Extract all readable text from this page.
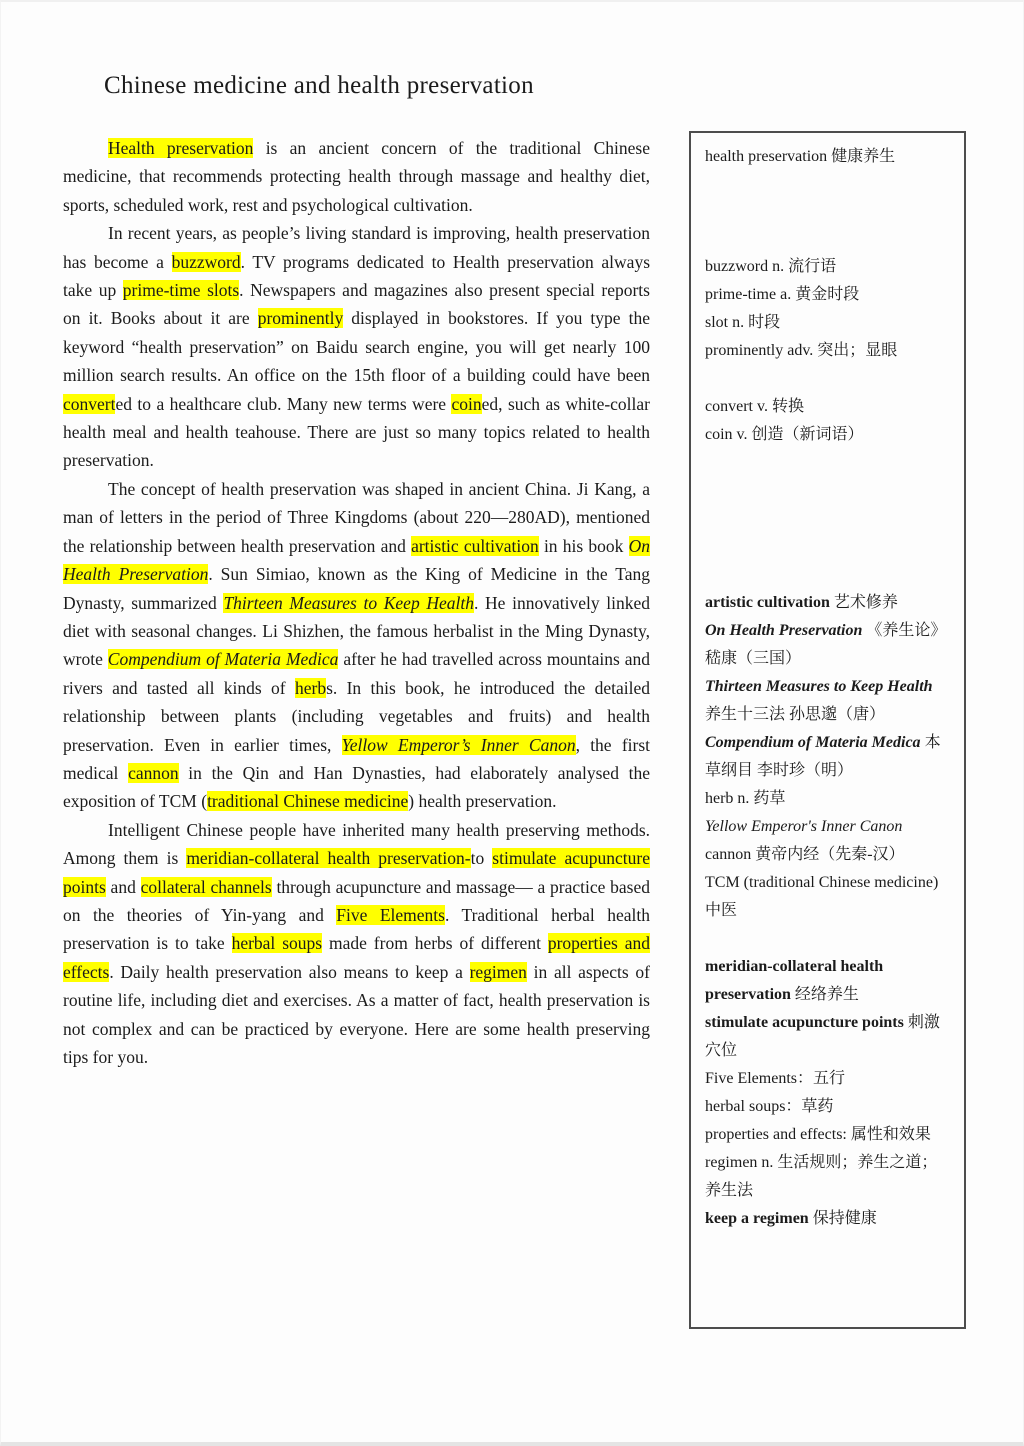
Chinese medicine and health preservation

Health preservation is an ancient concern of the traditional Chinese medicine, that recommends protecting health through massage and healthy diet, sports, scheduled work, rest and psychological cultivation.

In recent years, as people’s living standard is improving, health preservation has become a buzzword. TV programs dedicated to Health preservation always take up prime-time slots. Newspapers and magazines also present special reports on it. Books about it are prominently displayed in bookstores. If you type the keyword “health preservation” on Baidu search engine, you will get nearly 100 million search results. An office on the 15th floor of a building could have been converted to a healthcare club. Many new terms were coined, such as white-collar health meal and health teahouse. There are just so many topics related to health preservation.

The concept of health preservation was shaped in ancient China. Ji Kang, a man of letters in the period of Three Kingdoms (about 220—280AD), mentioned the relationship between health preservation and artistic cultivation in his book On Health Preservation. Sun Simiao, known as the King of Medicine in the Tang Dynasty, summarized Thirteen Measures to Keep Health. He innovatively linked diet with seasonal changes. Li Shizhen, the famous herbalist in the Ming Dynasty, wrote Compendium of Materia Medica after he had travelled across mountains and rivers and tasted all kinds of herbs. In this book, he introduced the detailed relationship between plants (including vegetables and fruits) and health preservation. Even in earlier times, Yellow Emperor’s Inner Canon, the first medical cannon in the Qin and Han Dynasties, had elaborately analysed the exposition of TCM (traditional Chinese medicine) health preservation.

Intelligent Chinese people have inherited many health preserving methods. Among them is meridian-collateral health preservation-to stimulate acupuncture points and collateral channels through acupuncture and massage— a practice based on the theories of Yin-yang and Five Elements. Traditional herbal health preservation is to take herbal soups made from herbs of different properties and effects. Daily health preservation also means to keep a regimen in all aspects of routine life, including diet and exercises. As a matter of fact, health preservation is not complex and can be practiced by everyone. Here are some health preserving tips for you.

health preservation 健康养生
buzzword n. 流行语
prime-time a. 黄金时段
slot n. 时段
prominently adv. 突出；显眼
convert v. 转换
coin v. 创造（新词语）
artistic cultivation 艺术修养
On Health Preservation 《养生论》嵇康（三国）
Thirteen Measures to Keep Health 养生十三法 孙思邈（唐）
Compendium of Materia Medica 本草纲目 李时珍（明）
herb n. 药草
Yellow Emperor's Inner Canon cannon 黄帝内经（先秦-汉）
TCM (traditional Chinese medicine) 中医
meridian-collateral health preservation 经络养生
stimulate acupuncture points 刺激穴位
Five Elements：五行
herbal soups：草药
properties and effects: 属性和效果
regimen n. 生活规则；养生之道；养生法
keep a regimen 保持健康
